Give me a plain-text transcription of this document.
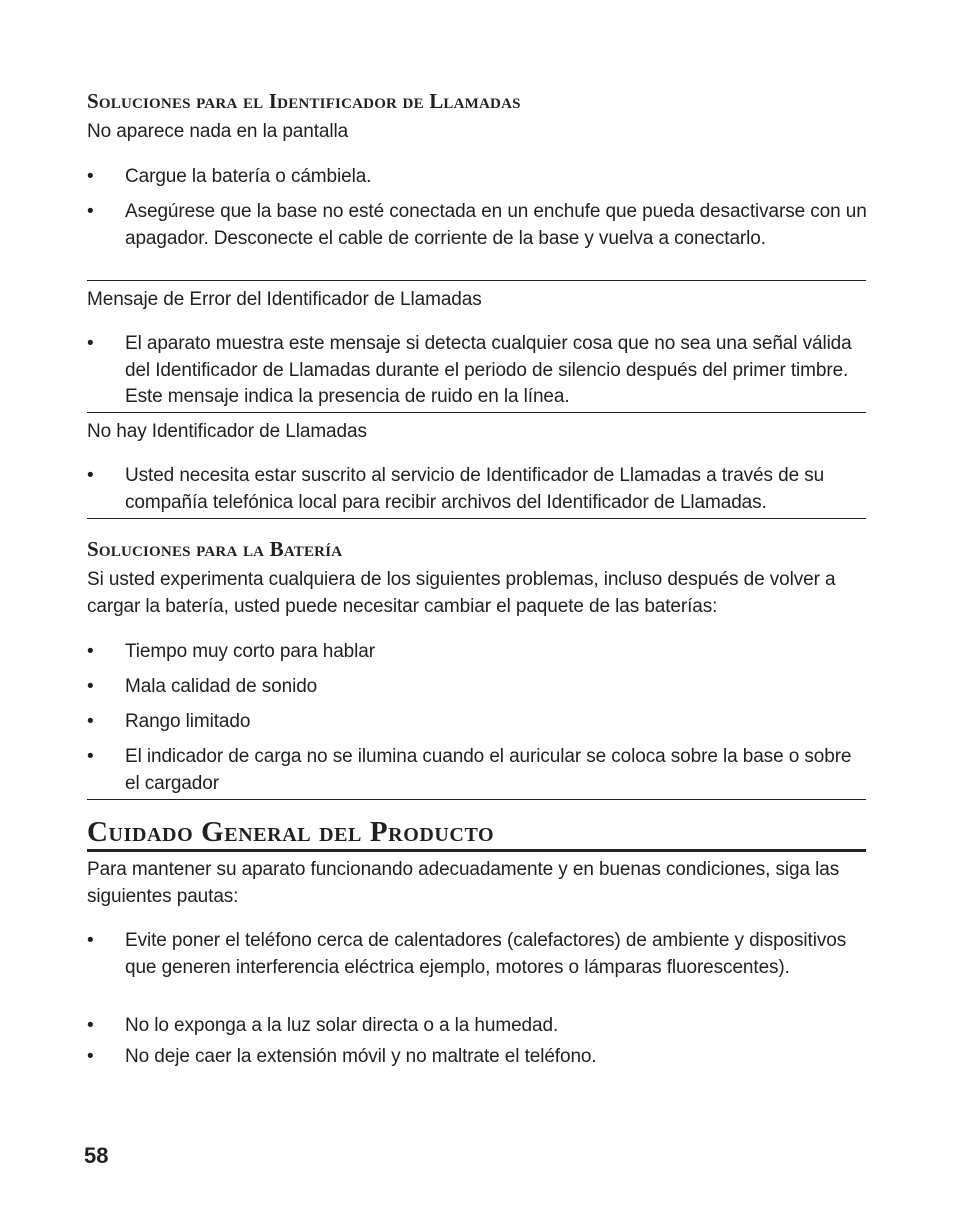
Soluciones para el Identificador de Llamadas
No aparece nada en la pantalla
•	Cargue la batería o cámbiela.
•	Asegúrese que la base no esté conectada en un enchufe que pueda desactivarse con un apagador. Desconecte el cable de corriente de la base y vuelva a conectarlo.
Mensaje de Error del Identificador de Llamadas
•	El aparato muestra este mensaje si detecta cualquier cosa que no sea una señal válida del Identificador de Llamadas durante el periodo de silencio después del primer timbre. Este mensaje indica la presencia de ruido en la línea.
No hay Identificador de Llamadas
•	Usted necesita estar suscrito al servicio de Identificador de Llamadas a través de su compañía telefónica local para recibir archivos del Identificador de Llamadas.
Soluciones para la Batería
Si usted experimenta cualquiera de los siguientes problemas, incluso después de volver a cargar la batería, usted puede necesitar cambiar el paquete de las baterías:
•	Tiempo muy corto para hablar
•	Mala calidad de sonido
•	Rango limitado
•	El indicador de carga no se ilumina cuando el auricular se coloca sobre la base o sobre el cargador
Cuidado General del Producto
Para mantener su aparato funcionando adecuadamente y en buenas condiciones, siga las siguientes pautas:
•	Evite poner el teléfono cerca de calentadores (calefactores) de ambiente y dispositivos que generen interferencia eléctrica ejemplo, motores o lámparas fluorescentes).
•	No lo exponga a la luz solar directa o a la humedad.
•	No deje caer la extensión móvil y no maltrate el teléfono.
58
